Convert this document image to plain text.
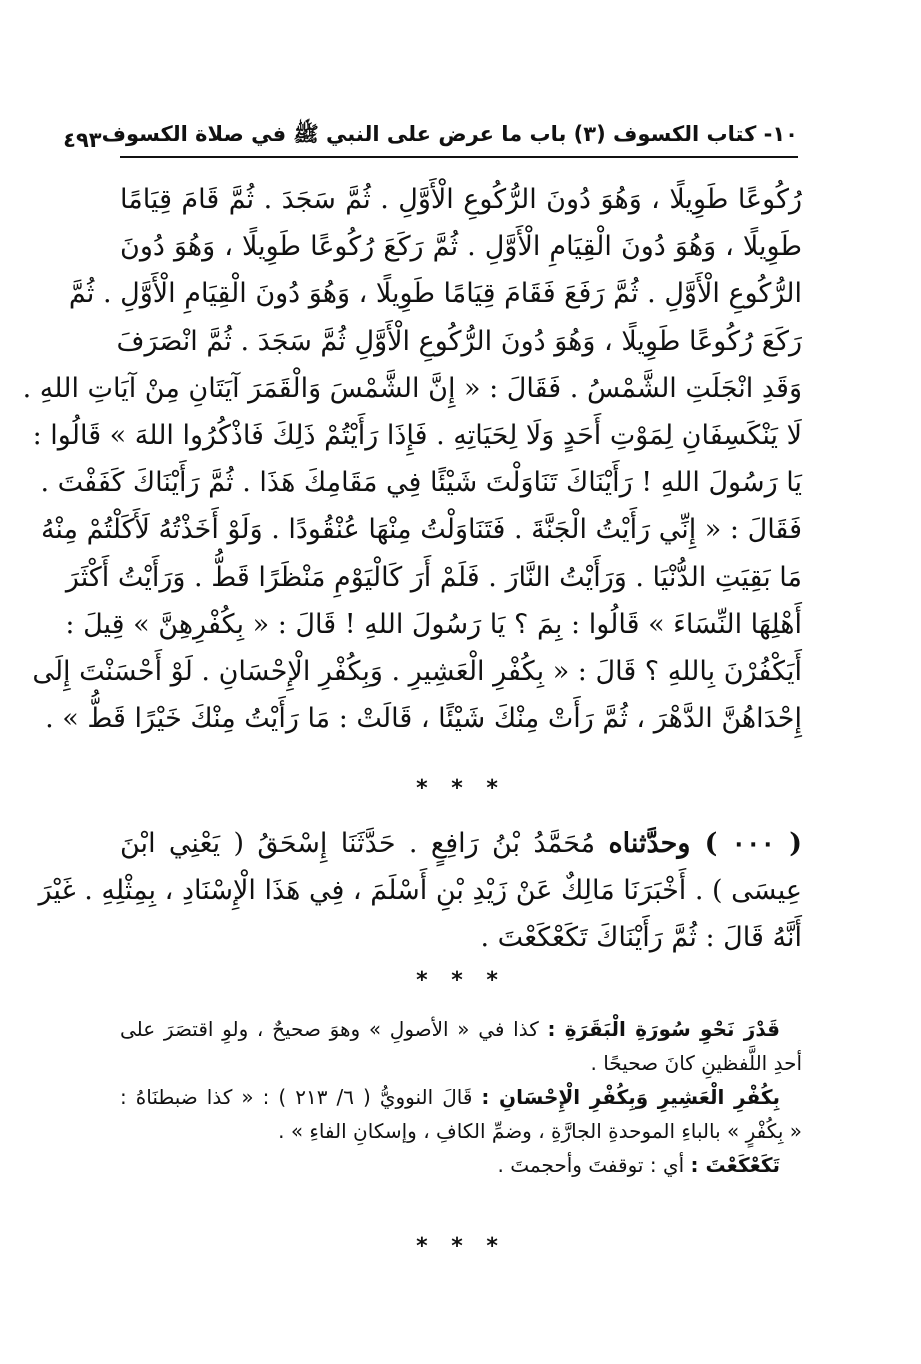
١٠- كتاب الكسوف (٣) باب ما عرض على النبي ﷺ في صلاة الكسوف
٤٩٣
رُكُوعًا طَوِيلًا ، وَهُوَ دُونَ الرُّكُوعِ الْأَوَّلِ . ثُمَّ سَجَدَ . ثُمَّ قَامَ قِيَامًا
طَوِيلًا ، وَهُوَ دُونَ الْقِيَامِ الْأَوَّلِ . ثُمَّ رَكَعَ رُكُوعًا طَوِيلًا ، وَهُوَ دُونَ
الرُّكُوعِ الْأَوَّلِ . ثُمَّ رَفَعَ فَقَامَ قِيَامًا طَوِيلًا ، وَهُوَ دُونَ الْقِيَامِ الْأَوَّلِ . ثُمَّ
رَكَعَ رُكُوعًا طَوِيلًا ، وَهُوَ دُونَ الرُّكُوعِ الْأَوَّلِ ثُمَّ سَجَدَ . ثُمَّ انْصَرَفَ
وَقَدِ انْجَلَتِ الشَّمْسُ . فَقَالَ : « إِنَّ الشَّمْسَ وَالْقَمَرَ آيَتَانِ مِنْ آيَاتِ اللهِ .
لَا يَنْكَسِفَانِ لِمَوْتِ أَحَدٍ وَلَا لِحَيَاتِهِ . فَإِذَا رَأَيْتُمْ ذَلِكَ فَاذْكُرُوا اللهَ » قَالُوا :
يَا رَسُولَ اللهِ ! رَأَيْنَاكَ تَنَاوَلْتَ شَيْئًا فِي مَقَامِكَ هَذَا . ثُمَّ رَأَيْنَاكَ كَفَفْتَ .
فَقَالَ : « إِنِّي رَأَيْتُ الْجَنَّةَ . فَتَنَاوَلْتُ مِنْهَا عُنْقُودًا . وَلَوْ أَخَذْتُهُ لَأَكَلْتُمْ مِنْهُ
مَا بَقِيَتِ الدُّنْيَا . وَرَأَيْتُ النَّارَ . فَلَمْ أَرَ كَالْيَوْمِ مَنْظَرًا قَطُّ . وَرَأَيْتُ أَكْثَرَ
أَهْلِهَا النِّسَاءَ » قَالُوا : بِمَ ؟ يَا رَسُولَ اللهِ ! قَالَ : « بِكُفْرِهِنَّ » قِيلَ :
أَيَكْفُرْنَ بِاللهِ ؟ قَالَ : « بِكُفْرِ الْعَشِيرِ . وَبِكُفْرِ الْإِحْسَانِ . لَوْ أَحْسَنْتَ إِلَى
إِحْدَاهُنَّ الدَّهْرَ ، ثُمَّ رَأَتْ مِنْكَ شَيْئًا ، قَالَتْ : مَا رَأَيْتُ مِنْكَ خَيْرًا قَطُّ » .
* * *
( ٠٠٠ ) وحدَّثناه مُحَمَّدُ بْنُ رَافِعٍ . حَدَّثَنَا إِسْحَقُ ( يَعْنِي ابْنَ
عِيسَى ) . أَخْبَرَنَا مَالِكٌ عَنْ زَيْدِ بْنِ أَسْلَمَ ، فِي هَذَا الْإِسْنَادِ ، بِمِثْلِهِ . غَيْرَ
أَنَّهُ قَالَ : ثُمَّ رَأَيْنَاكَ تَكَعْكَعْتَ .
* * *
قَدْرَ نَحْوِ سُورَةِ الْبَقَرَةِ : كذا في « الأصولِ » وهوَ صحيحٌ ، ولوِ اقتصَرَ على
أحدِ اللَّفظينِ كانَ صحيحًا .
بِكُفْرِ الْعَشِيرِ وَبِكُفْرِ الْإِحْسَانِ : قَالَ النوويُّ ( ٦/ ٢١٣ ) : « كذا ضبطنَاهُ :
« بِكُفْرٍ » بالباءِ الموحدةِ الجارَّةِ ، وضمِّ الكافِ ، وإسكانِ الفاءِ » .
تَكَعْكَعْتَ : أي : توقفتَ وأحجمتَ .
* * *
